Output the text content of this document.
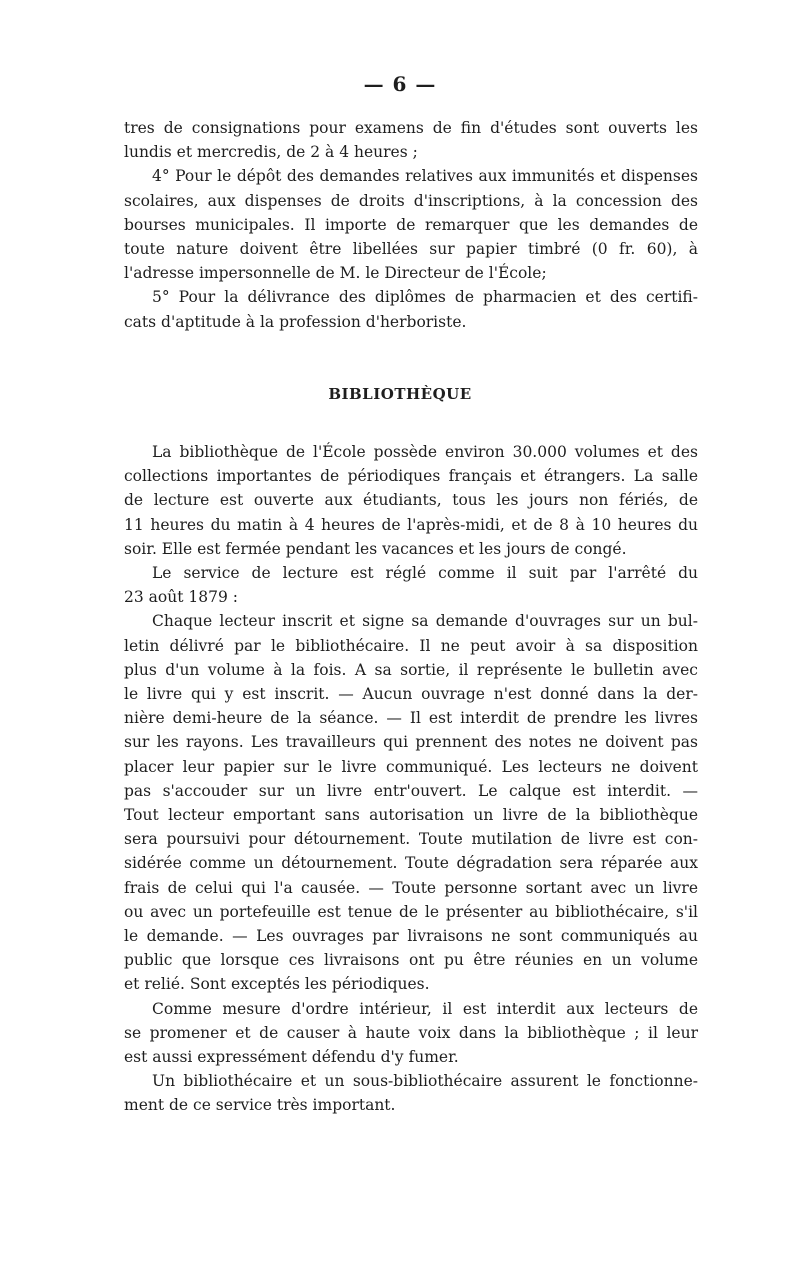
— 6 —

tres de consignations pour examens de fin d'études sont ouverts les
lundis et mercredis, de 2 à 4 heures ;

4° Pour le dépôt des demandes relatives aux immunités et dispenses
scolaires, aux dispenses de droits d'inscriptions, à la concession des
bourses municipales. Il importe de remarquer que les demandes de
toute nature doivent être libellées sur papier timbré (0 fr. 60), à
l'adresse impersonnelle de M. le Directeur de l'École;

5° Pour la délivrance des diplômes de pharmacien et des certifi-
cats d'aptitude à la profession d'herboriste.

BIBLIOTHÈQUE

La bibliothèque de l'École possède environ 30.000 volumes et des
collections importantes de périodiques français et étrangers. La salle
de lecture est ouverte aux étudiants, tous les jours non fériés, de
11 heures du matin à 4 heures de l'après-midi, et de 8 à 10 heures du
soir. Elle est fermée pendant les vacances et les jours de congé.

Le service de lecture est réglé comme il suit par l'arrêté du
23 août 1879 :

Chaque lecteur inscrit et signe sa demande d'ouvrages sur un bul-
letin délivré par le bibliothécaire. Il ne peut avoir à sa disposition
plus d'un volume à la fois. A sa sortie, il représente le bulletin avec
le livre qui y est inscrit. — Aucun ouvrage n'est donné dans la der-
nière demi-heure de la séance. — Il est interdit de prendre les livres
sur les rayons. Les travailleurs qui prennent des notes ne doivent pas
placer leur papier sur le livre communiqué. Les lecteurs ne doivent
pas s'accouder sur un livre entr'ouvert. Le calque est interdit. —
Tout lecteur emportant sans autorisation un livre de la bibliothèque
sera poursuivi pour détournement. Toute mutilation de livre est con-
sidérée comme un détournement. Toute dégradation sera réparée aux
frais de celui qui l'a causée. — Toute personne sortant avec un livre
ou avec un portefeuille est tenue de le présenter au bibliothécaire, s'il
le demande. — Les ouvrages par livraisons ne sont communiqués au
public que lorsque ces livraisons ont pu être réunies en un volume
et relié. Sont exceptés les périodiques.

Comme mesure d'ordre intérieur, il est interdit aux lecteurs de
se promener et de causer à haute voix dans la bibliothèque ; il leur
est aussi expressément défendu d'y fumer.

Un bibliothécaire et un sous-bibliothécaire assurent le fonctionne-
ment de ce service très important.
